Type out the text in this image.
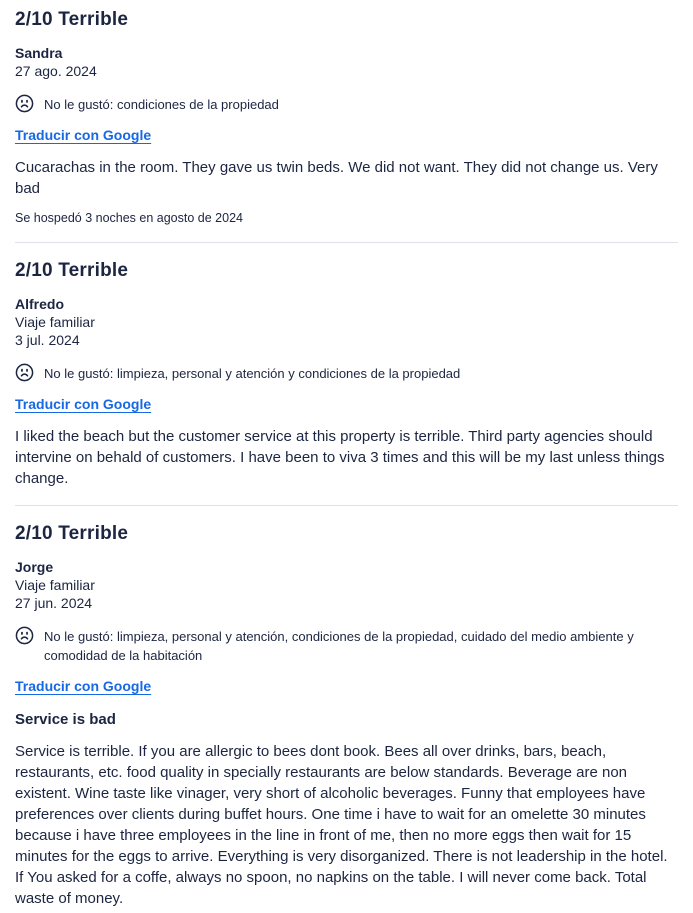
2/10 Terrible
Sandra
27 ago. 2024
No le gustó: condiciones de la propiedad
Traducir con Google
Cucarachas in the room. They gave us twin beds. We did not want. They did not change us. Very bad
Se hospedó 3 noches en agosto de 2024
2/10 Terrible
Alfredo
Viaje familiar
3 jul. 2024
No le gustó: limpieza, personal y atención y condiciones de la propiedad
Traducir con Google
I liked the beach but the customer service at this property is terrible. Third party agencies should intervine on behald of customers. I have been to viva 3 times and this will be my last unless things change.
2/10 Terrible
Jorge
Viaje familiar
27 jun. 2024
No le gustó: limpieza, personal y atención, condiciones de la propiedad, cuidado del medio ambiente y comodidad de la habitación
Traducir con Google
Service is bad
Service is terrible. If you are allergic to bees dont book. Bees all over drinks, bars, beach, restaurants, etc. food quality in specially restaurants are below standards. Beverage are non existent. Wine taste like vinager, very short of alcoholic beverages. Funny that employees have preferences over clients during buffet hours. One time i have to wait for an omelette 30 minutes because i have three employees in the line in front of me, then no more eggs then wait for 15 minutes for the eggs to arrive. Everything is very disorganized. There is not leadership in the hotel. If You asked for a coffe, always no spoon, no napkins on the table. I will never come back. Total waste of money.
